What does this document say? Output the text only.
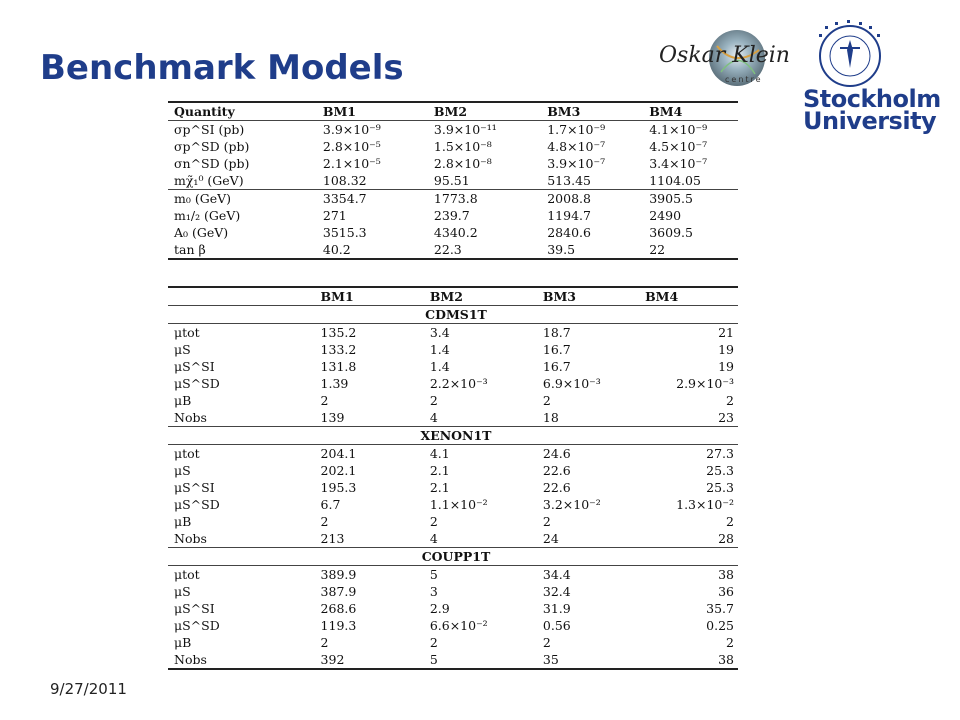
Benchmark Models	Oskar Klein
centre
Stockholm
University
Quantity	BM1	BM2	BM3	BM4
σp^SI (pb)	3.9×10⁻⁹	3.9×10⁻¹¹	1.7×10⁻⁹	4.1×10⁻⁹
σp^SD (pb)	2.8×10⁻⁵	1.5×10⁻⁸	4.8×10⁻⁷	4.5×10⁻⁷
σn^SD (pb)	2.1×10⁻⁵	2.8×10⁻⁸	3.9×10⁻⁷	3.4×10⁻⁷
mχ̃₁⁰ (GeV)	108.32	95.51	513.45	1104.05
m₀ (GeV)	3354.7	1773.8	2008.8	3905.5
m₁/₂ (GeV)	271	239.7	1194.7	2490
A₀ (GeV)	3515.3	4340.2	2840.6	3609.5
tan β	40.2	22.3	39.5	22
	BM1	BM2	BM3	BM4
CDMS1T				
μtot	135.2	3.4	18.7	21
μS	133.2	1.4	16.7	19
μS^SI	131.8	1.4	16.7	19
μS^SD	1.39	2.2×10⁻³	6.9×10⁻³	2.9×10⁻³
μB	2	2	2	2
Nobs	139	4	18	23
XENON1T				
μtot	204.1	4.1	24.6	27.3
μS	202.1	2.1	22.6	25.3
μS^SI	195.3	2.1	22.6	25.3
μS^SD	6.7	1.1×10⁻²	3.2×10⁻²	1.3×10⁻²
μB	2	2	2	2
Nobs	213	4	24	28
COUPP1T				
μtot	389.9	5	34.4	38
μS	387.9	3	32.4	36
μS^SI	268.6	2.9	31.9	35.7
μS^SD	119.3	6.6×10⁻²	0.56	0.25
μB	2	2	2	2
Nobs	392	5	35	38
9/27/2011
